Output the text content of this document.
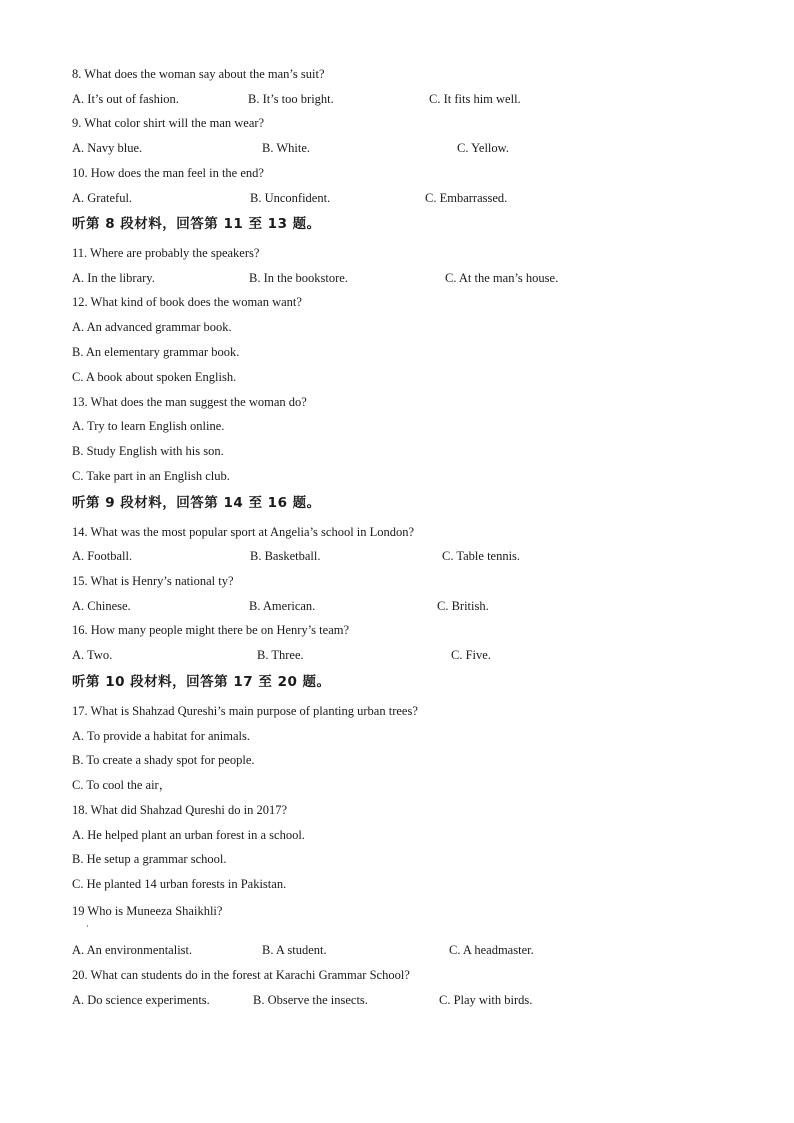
8. What does the woman say about the man’s suit?
A. It’s out of fashion.	B. It’s too bright.	C. It fits him well.
9. What color shirt will the man wear?
A. Navy blue.	B. White.	C. Yellow.
10. How does the man feel in the end?
A. Grateful.	B. Unconfident.	C. Embarrassed.
听第 8 段材料，回答第 11 至 13 题。
11. Where are probably the speakers?
A. In the library.	B. In the bookstore.	C. At the man’s house.
12. What kind of book does the woman want?
A. An advanced grammar book.
B. An elementary grammar book.
C. A book about spoken English.
13. What does the man suggest the woman do?
A. Try to learn English online.
B. Study English with his son.
C. Take part in an English club.
听第 9 段材料，回答第 14 至 16 题。
14. What was the most popular sport at Angelia’s school in London?
A. Football.	B. Basketball.	C. Table tennis.
15. What is Henry’s national ty?
A. Chinese.	B. American.	C. British.
16. How many people might there be on Henry’s team?
A. Two.	B. Three.	C. Five.
听第 10 段材料，回答第 17 至 20 题。
17. What is Shahzad Qureshi’s main purpose of planting urban trees?
A. To provide a habitat for animals.
B. To create a shady spot for people.
C. To cool the air，
18. What did Shahzad Qureshi do in 2017?
A. He helped plant an urban forest in a school.
B. He setup a grammar school.
C. He planted 14 urban forests in Pakistan.
19 Who is Muneeza Shaikhli?
·
A. An environmentalist.	B. A student.	C. A headmaster.
20. What can students do in the forest at Karachi Grammar School?
A. Do science experiments.	B. Observe the insects.	C. Play with birds.
